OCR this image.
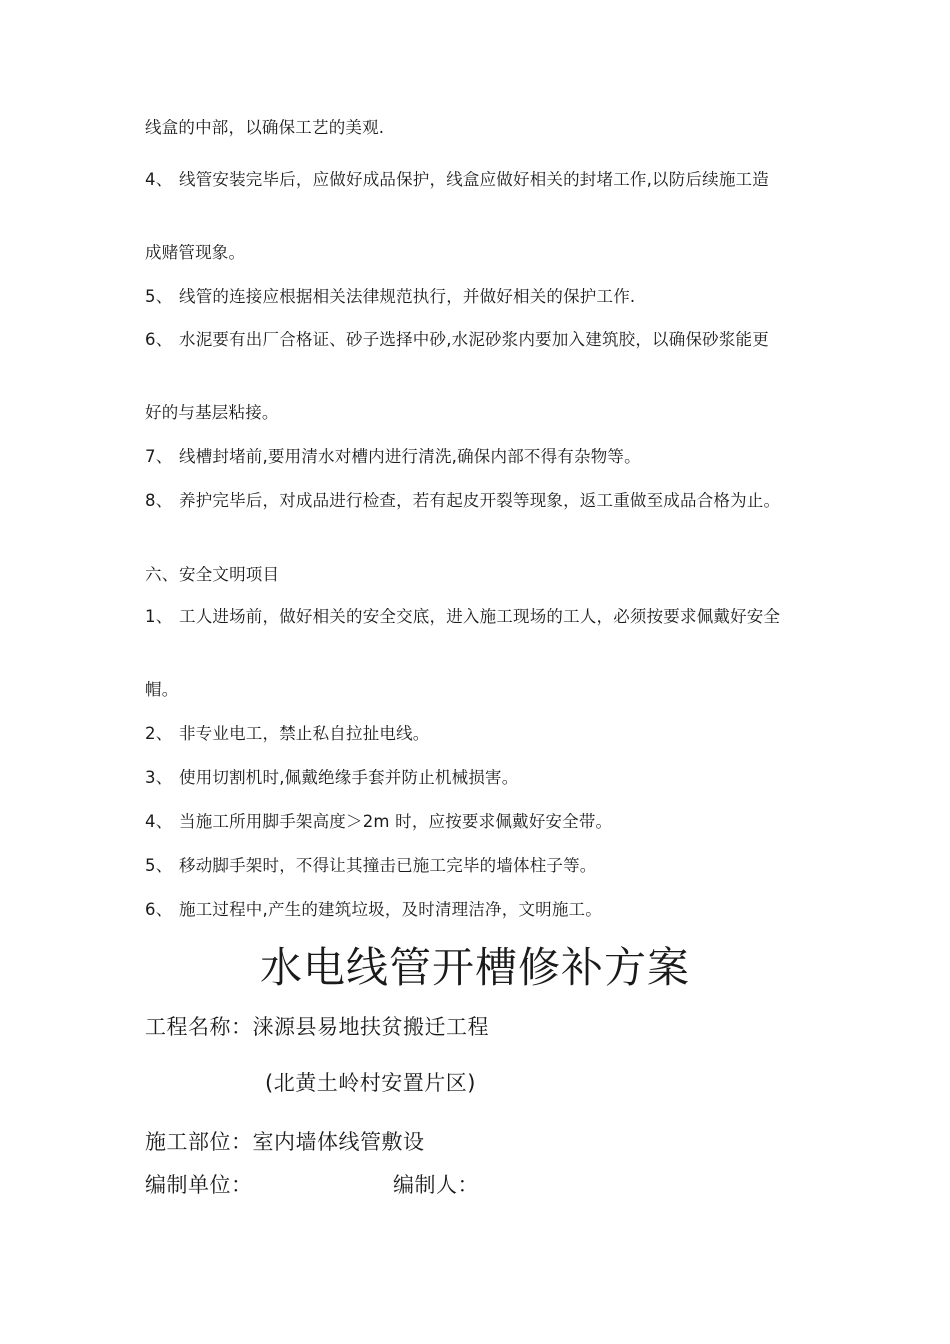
线盒的中部，以确保工艺的美观.

4、 线管安装完毕后，应做好成品保护，线盒应做好相关的封堵工作,以防后续施工造

成赌管现象。

5、 线管的连接应根据相关法律规范执行，并做好相关的保护工作.

6、 水泥要有出厂合格证、砂子选择中砂,水泥砂浆内要加入建筑胶，以确保砂浆能更

好的与基层粘接。

7、 线槽封堵前,要用清水对槽内进行清洗,确保内部不得有杂物等。

8、 养护完毕后，对成品进行检查，若有起皮开裂等现象，返工重做至成品合格为止。

六、安全文明项目

1、 工人进场前，做好相关的安全交底，进入施工现场的工人，必须按要求佩戴好安全

帽。

2、 非专业电工，禁止私自拉扯电线。

3、 使用切割机时,佩戴绝缘手套并防止机械损害。

4、 当施工所用脚手架高度＞2m 时，应按要求佩戴好安全带。

5、 移动脚手架时，不得让其撞击已施工完毕的墙体柱子等。

6、 施工过程中,产生的建筑垃圾，及时清理洁净，文明施工。

水电线管开槽修补方案

工程名称：涞源县易地扶贫搬迁工程

(北黄土岭村安置片区)

施工部位：室内墙体线管敷设

编制单位：	编制人：
